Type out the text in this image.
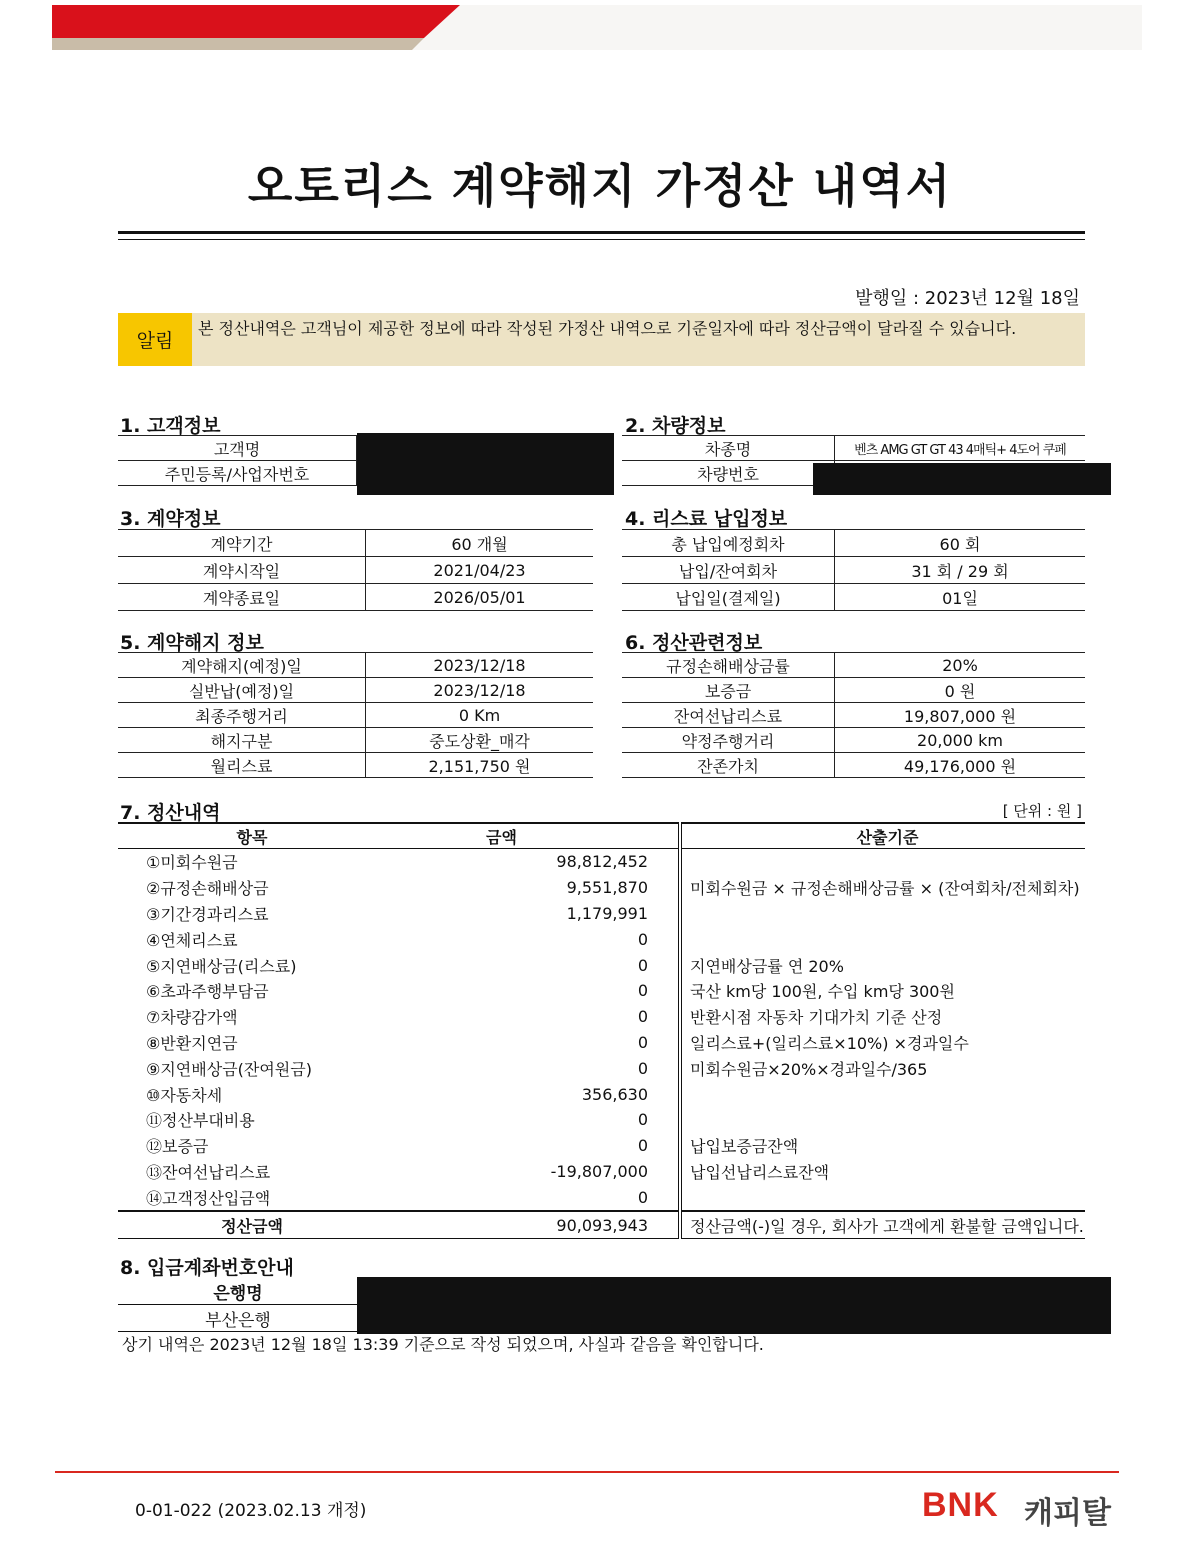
오토리스 계약해지 가정산 내역서
발행일 : 2023년 12월 18일
알림
본 정산내역은 고객님이 제공한 정보에 따라 작성된 가정산 내역으로 기준일자에 따라 정산금액이 달라질 수 있습니다.
1. 고객정보
고객명	
주민등록/사업자번호	
2. 차량정보
차종명	벤츠 AMG GT GT 43 4매틱+ 4도어 쿠페
차량번호	
3. 계약정보
계약기간	60 개월
계약시작일	2021/04/23
계약종료일	2026/05/01
4. 리스료 납입정보
총 납입예정회차	60 회
납입/잔여회차	31 회 / 29 회
납입일(결제일)	01일
5. 계약해지 정보
계약해지(예정)일	2023/12/18
실반납(예정)일	2023/12/18
최종주행거리	0 Km
해지구분	중도상환_매각
월리스료	2,151,750 원
6. 정산관련정보
규정손해배상금률	20%
보증금	0 원
잔여선납리스료	19,807,000 원
약정주행거리	20,000 km
잔존가치	49,176,000 원
7. 정산내역	[ 단위 : 원 ]
항목	금액	산출기준
①미회수원금	98,812,452	
②규정손해배상금	9,551,870	미회수원금 × 규정손해배상금률 × (잔여회차/전체회차)
③기간경과리스료	1,179,991	
④연체리스료	0	
⑤지연배상금(리스료)	0	지연배상금률 연 20%
⑥초과주행부담금	0	국산 km당 100원, 수입 km당 300원
⑦차량감가액	0	반환시점 자동차 기대가치 기준 산정
⑧반환지연금	0	일리스료+(일리스료×10%) ×경과일수
⑨지연배상금(잔여원금)	0	미회수원금×20%×경과일수/365
⑩자동차세	356,630	
⑪정산부대비용	0	
⑫보증금	0	납입보증금잔액
⑬잔여선납리스료	-19,807,000	납입선납리스료잔액
⑭고객정산입금액	0	
정산금액	90,093,943	정산금액(-)일 경우, 회사가 고객에게 환불할 금액입니다.
8. 입금계좌번호안내
은행명
부산은행
상기 내역은 2023년 12월 18일 13:39 기준으로 작성 되었으며, 사실과 같음을 확인합니다.
0-01-022 (2023.02.13 개정)	BNK 캐피탈
